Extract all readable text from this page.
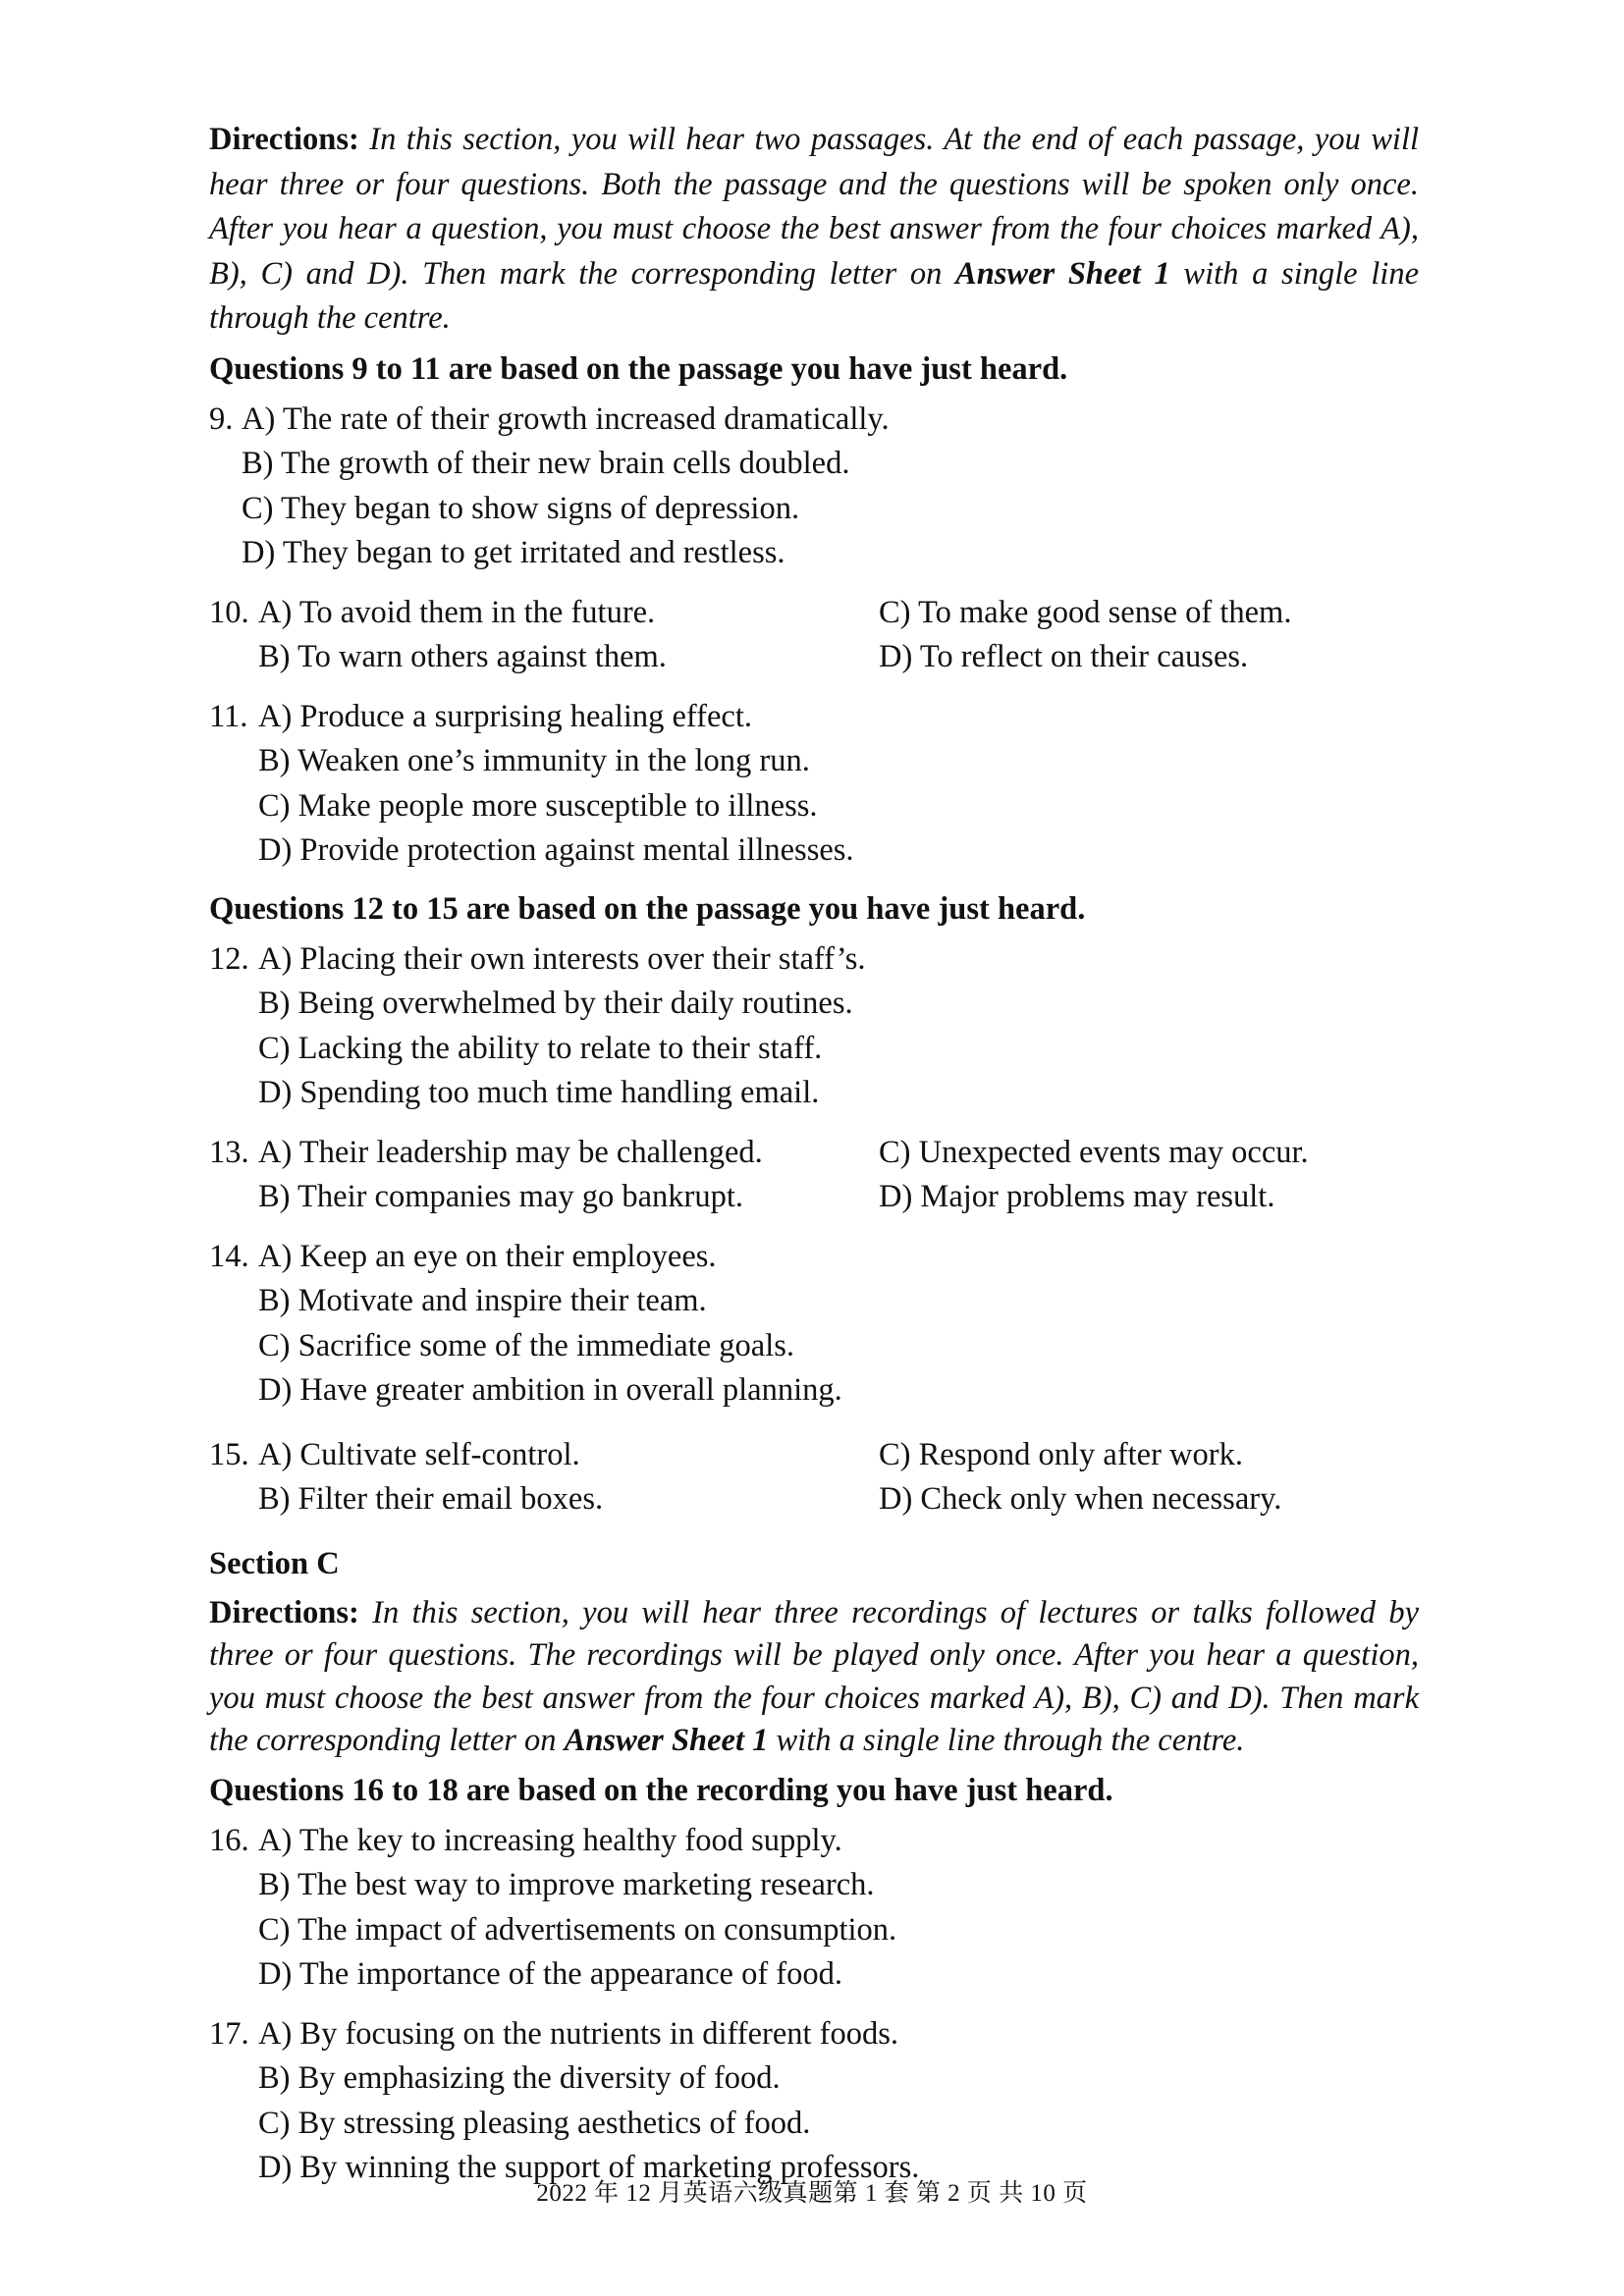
Directions: In this section, you will hear two passages. At the end of each passage, you will hear three or four questions. Both the passage and the questions will be spoken only once. After you hear a question, you must choose the best answer from the four choices marked A), B), C) and D). Then mark the corresponding letter on Answer Sheet 1 with a single line through the centre.
Questions 9 to 11 are based on the passage you have just heard.
9. A) The rate of their growth increased dramatically.
B) The growth of their new brain cells doubled.
C) They began to show signs of depression.
D) They began to get irritated and restless.
10. A) To avoid them in the future.	C) To make good sense of them.
B) To warn others against them.	D) To reflect on their causes.
11. A) Produce a surprising healing effect.
B) Weaken one’s immunity in the long run.
C) Make people more susceptible to illness.
D) Provide protection against mental illnesses.
Questions 12 to 15 are based on the passage you have just heard.
12. A) Placing their own interests over their staff’s.
B) Being overwhelmed by their daily routines.
C) Lacking the ability to relate to their staff.
D) Spending too much time handling email.
13. A) Their leadership may be challenged.	C) Unexpected events may occur.
B) Their companies may go bankrupt.	D) Major problems may result.
14. A) Keep an eye on their employees.
B) Motivate and inspire their team.
C) Sacrifice some of the immediate goals.
D) Have greater ambition in overall planning.
15. A) Cultivate self-control.	C) Respond only after work.
B) Filter their email boxes.	D) Check only when necessary.
Section C
Directions: In this section, you will hear three recordings of lectures or talks followed by three or four questions. The recordings will be played only once. After you hear a question, you must choose the best answer from the four choices marked A), B), C) and D). Then mark the corresponding letter on Answer Sheet 1 with a single line through the centre.
Questions 16 to 18 are based on the recording you have just heard.
16. A) The key to increasing healthy food supply.
B) The best way to improve marketing research.
C) The impact of advertisements on consumption.
D) The importance of the appearance of food.
17. A) By focusing on the nutrients in different foods.
B) By emphasizing the diversity of food.
C) By stressing pleasing aesthetics of food.
D) By winning the support of marketing professors.
2022 年 12 月英语六级真题第 1 套 第 2 页 共 10 页
